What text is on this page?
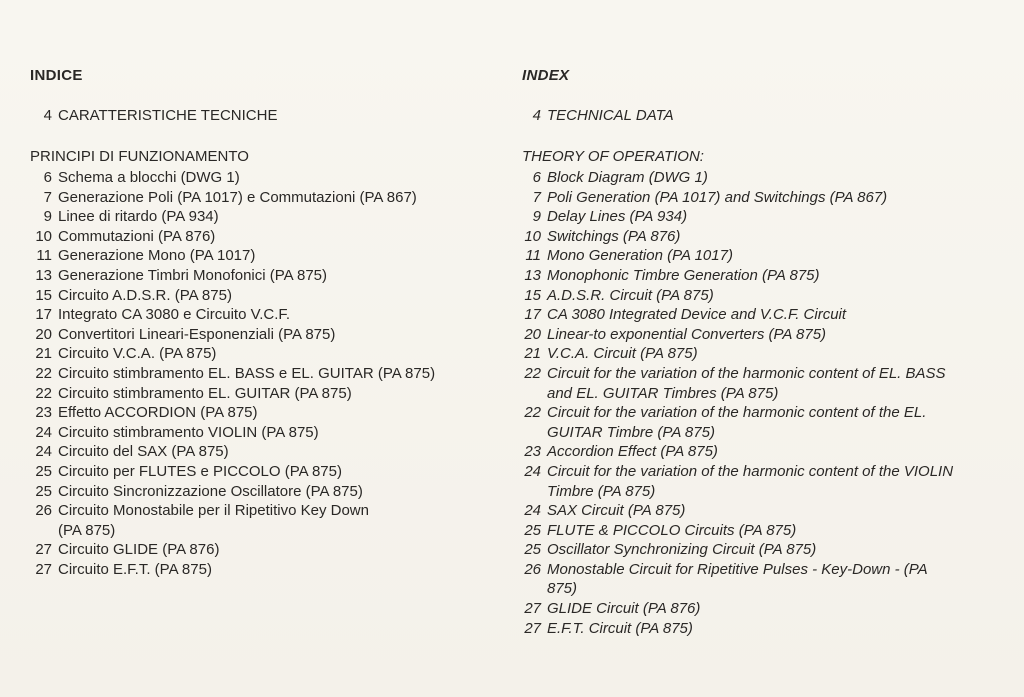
INDICE
4 CARATTERISTICHE TECNICHE
PRINCIPI DI FUNZIONAMENTO
6 Schema a blocchi (DWG 1)
7 Generazione Poli (PA 1017) e Commutazioni (PA 867)
9 Linee di ritardo (PA 934)
10 Commutazioni (PA 876)
11 Generazione Mono (PA 1017)
13 Generazione Timbri Monofonici (PA 875)
15 Circuito A.D.S.R. (PA 875)
17 Integrato CA 3080 e Circuito V.C.F.
20 Convertitori Lineari-Esponenziali (PA 875)
21 Circuito V.C.A. (PA 875)
22 Circuito stimbramento EL. BASS e EL. GUITAR (PA 875)
22 Circuito stimbramento EL. GUITAR (PA 875)
23 Effetto ACCORDION (PA 875)
24 Circuito stimbramento VIOLIN (PA 875)
24 Circuito del SAX (PA 875)
25 Circuito per FLUTES e PICCOLO (PA 875)
25 Circuito Sincronizzazione Oscillatore (PA 875)
26 Circuito Monostabile per il Ripetitivo Key Down (PA 875)
27 Circuito GLIDE (PA 876)
27 Circuito E.F.T. (PA 875)
INDEX
4 TECHNICAL DATA
THEORY OF OPERATION:
6 Block Diagram (DWG 1)
7 Poli Generation (PA 1017) and Switchings (PA 867)
9 Delay Lines (PA 934)
10 Switchings (PA 876)
11 Mono Generation (PA 1017)
13 Monophonic Timbre Generation (PA 875)
15 A.D.S.R. Circuit (PA 875)
17 CA 3080 Integrated Device and V.C.F. Circuit
20 Linear-to exponential Converters (PA 875)
21 V.C.A. Circuit (PA 875)
22 Circuit for the variation of the harmonic content of EL. BASS and EL. GUITAR Timbres (PA 875)
22 Circuit for the variation of the harmonic content of the EL. GUITAR Timbre (PA 875)
23 Accordion Effect (PA 875)
24 Circuit for the variation of the harmonic content of the VIOLIN Timbre (PA 875)
24 SAX Circuit (PA 875)
25 FLUTE & PICCOLO Circuits (PA 875)
25 Oscillator Synchronizing Circuit (PA 875)
26 Monostable Circuit for Ripetitive Pulses - Key-Down - (PA 875)
27 GLIDE Circuit (PA 876)
27 E.F.T. Circuit (PA 875)
